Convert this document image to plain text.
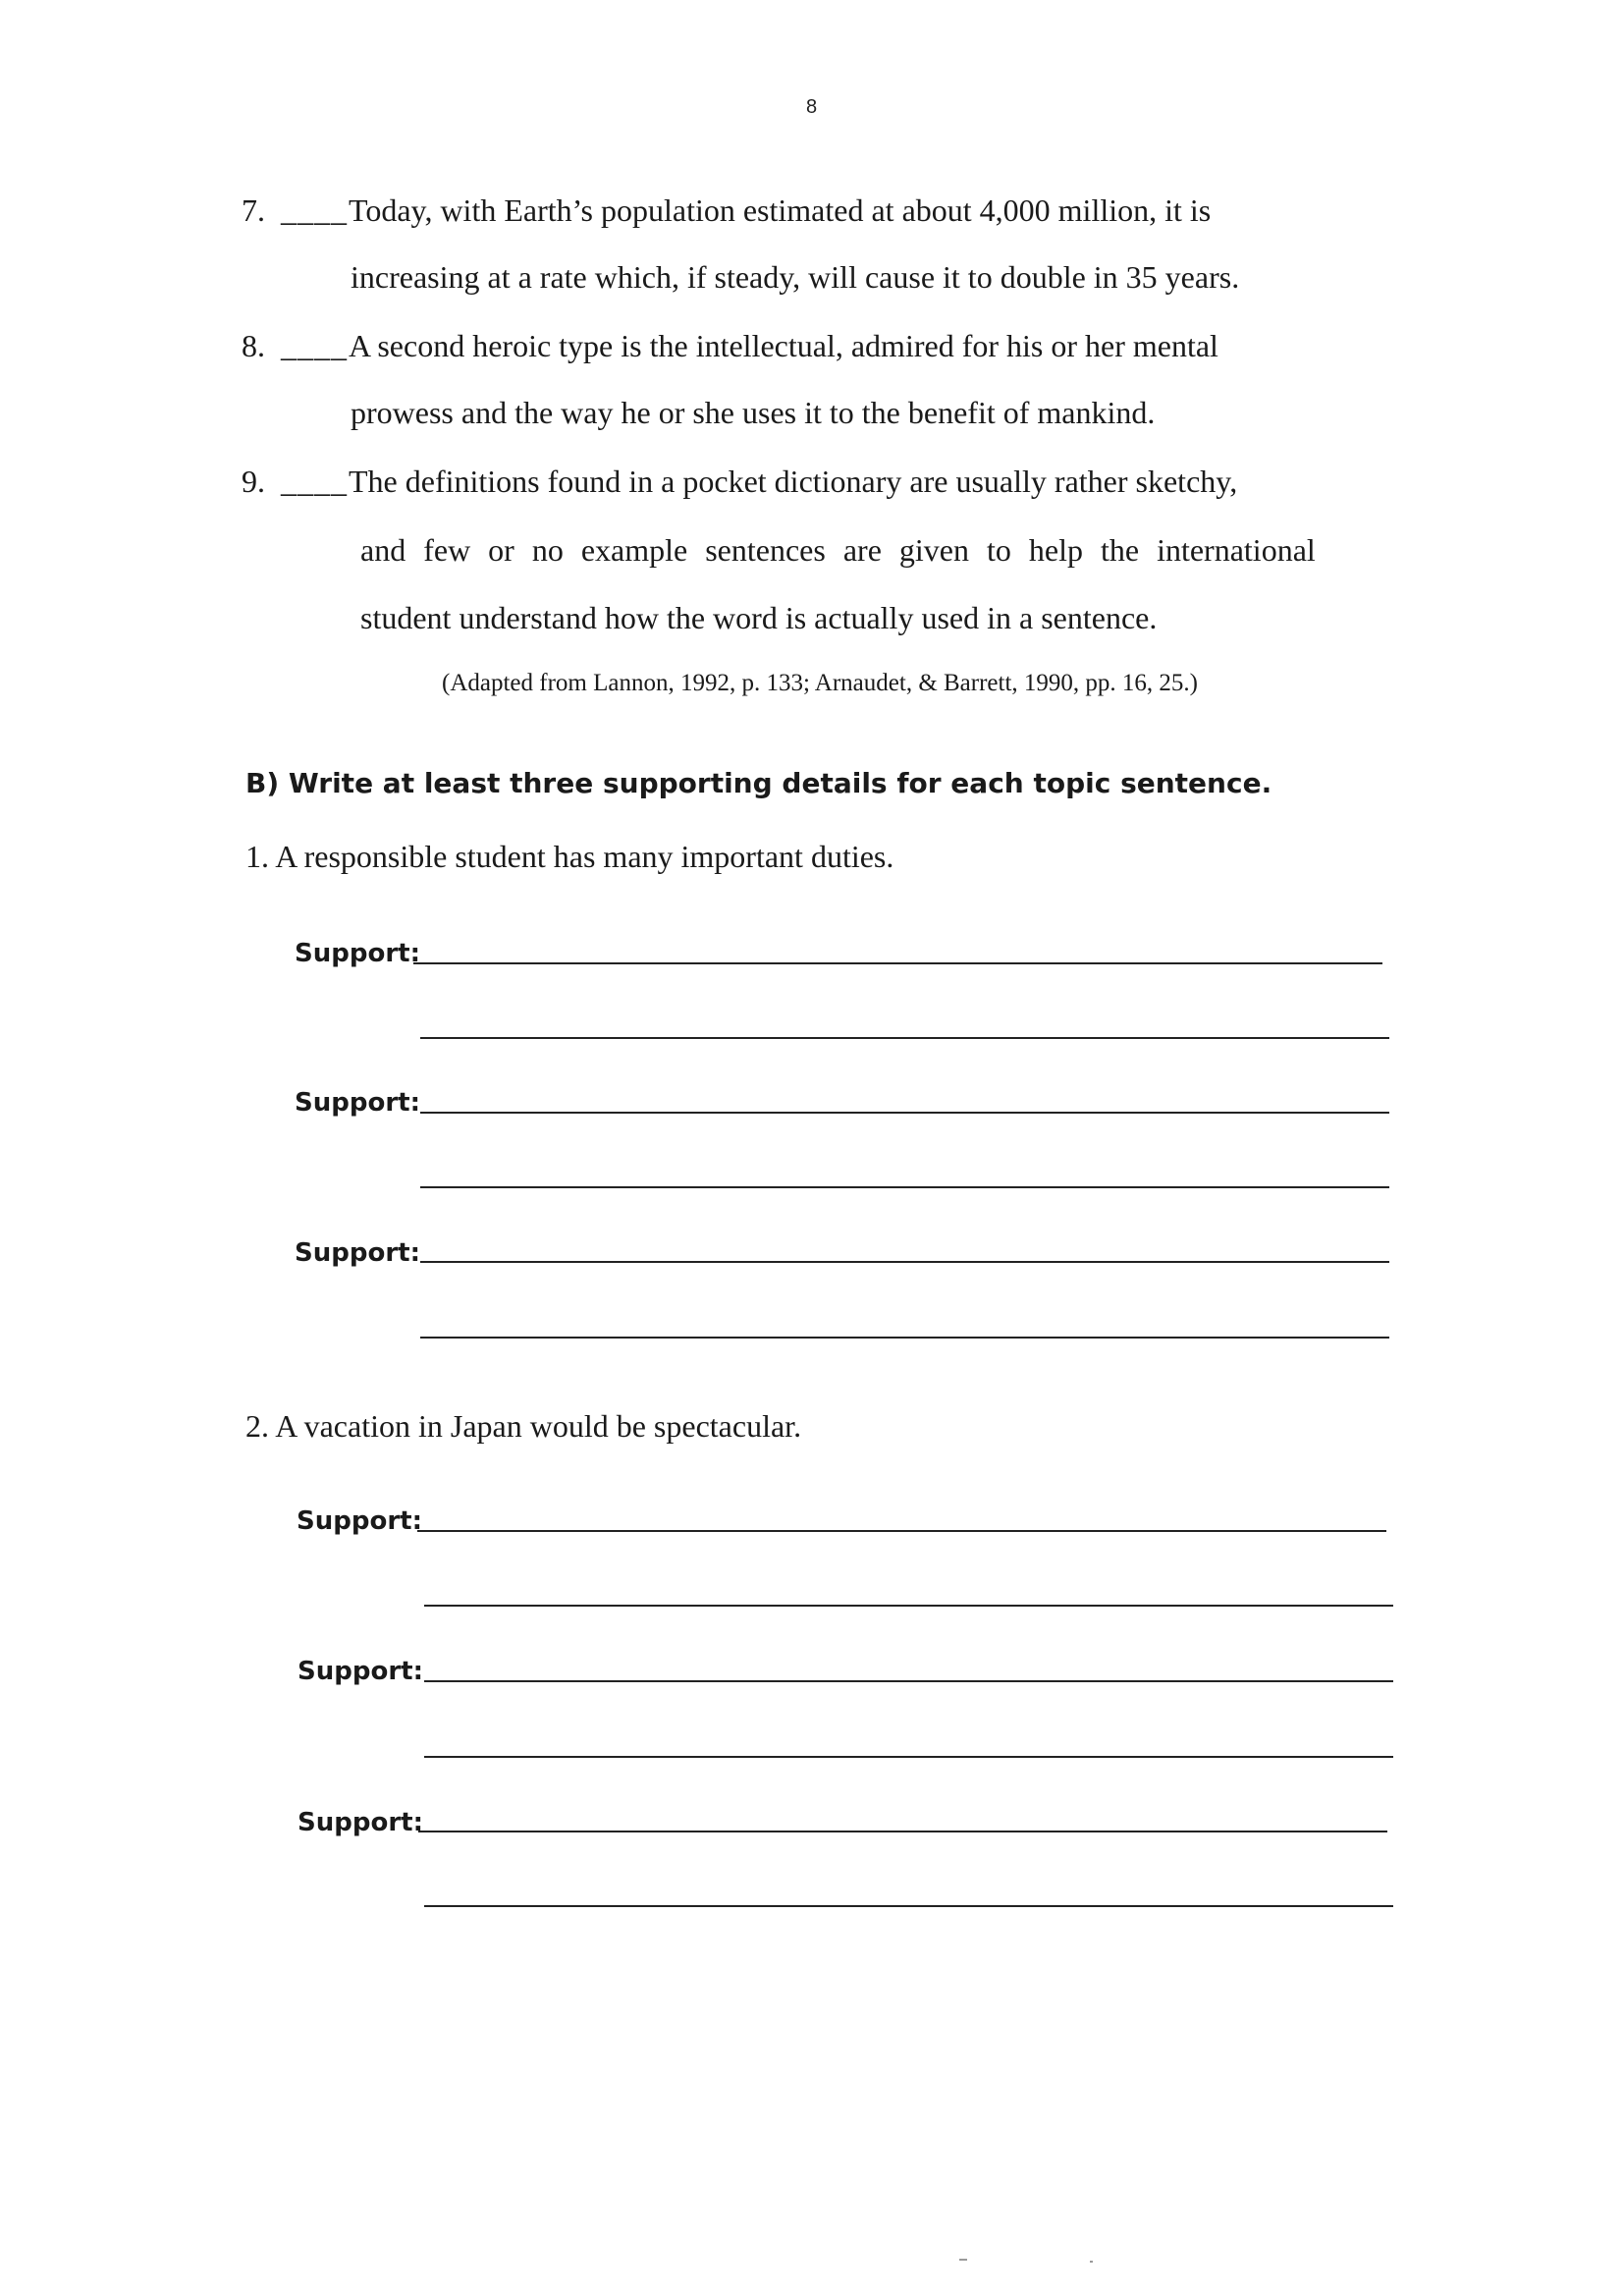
8
7. ____ Today, with Earth’s population estimated at about 4,000 million, it is
increasing at a rate which, if steady, will cause it to double in 35 years.
8. ____ A second heroic type is the intellectual, admired for his or her mental
prowess and the way he or she uses it to the benefit of mankind.
9. ____ The definitions found in a pocket dictionary are usually rather sketchy,
and few or no example sentences are given to help the international
student understand how the word is actually used in a sentence.
(Adapted from Lannon, 1992, p. 133; Arnaudet, & Barrett, 1990, pp. 16, 25.)
B) Write at least three supporting details for each topic sentence.
1. A responsible student has many important duties.
Support:
Support:
Support:
2. A vacation in Japan would be spectacular.
Support:
Support:
Support:
